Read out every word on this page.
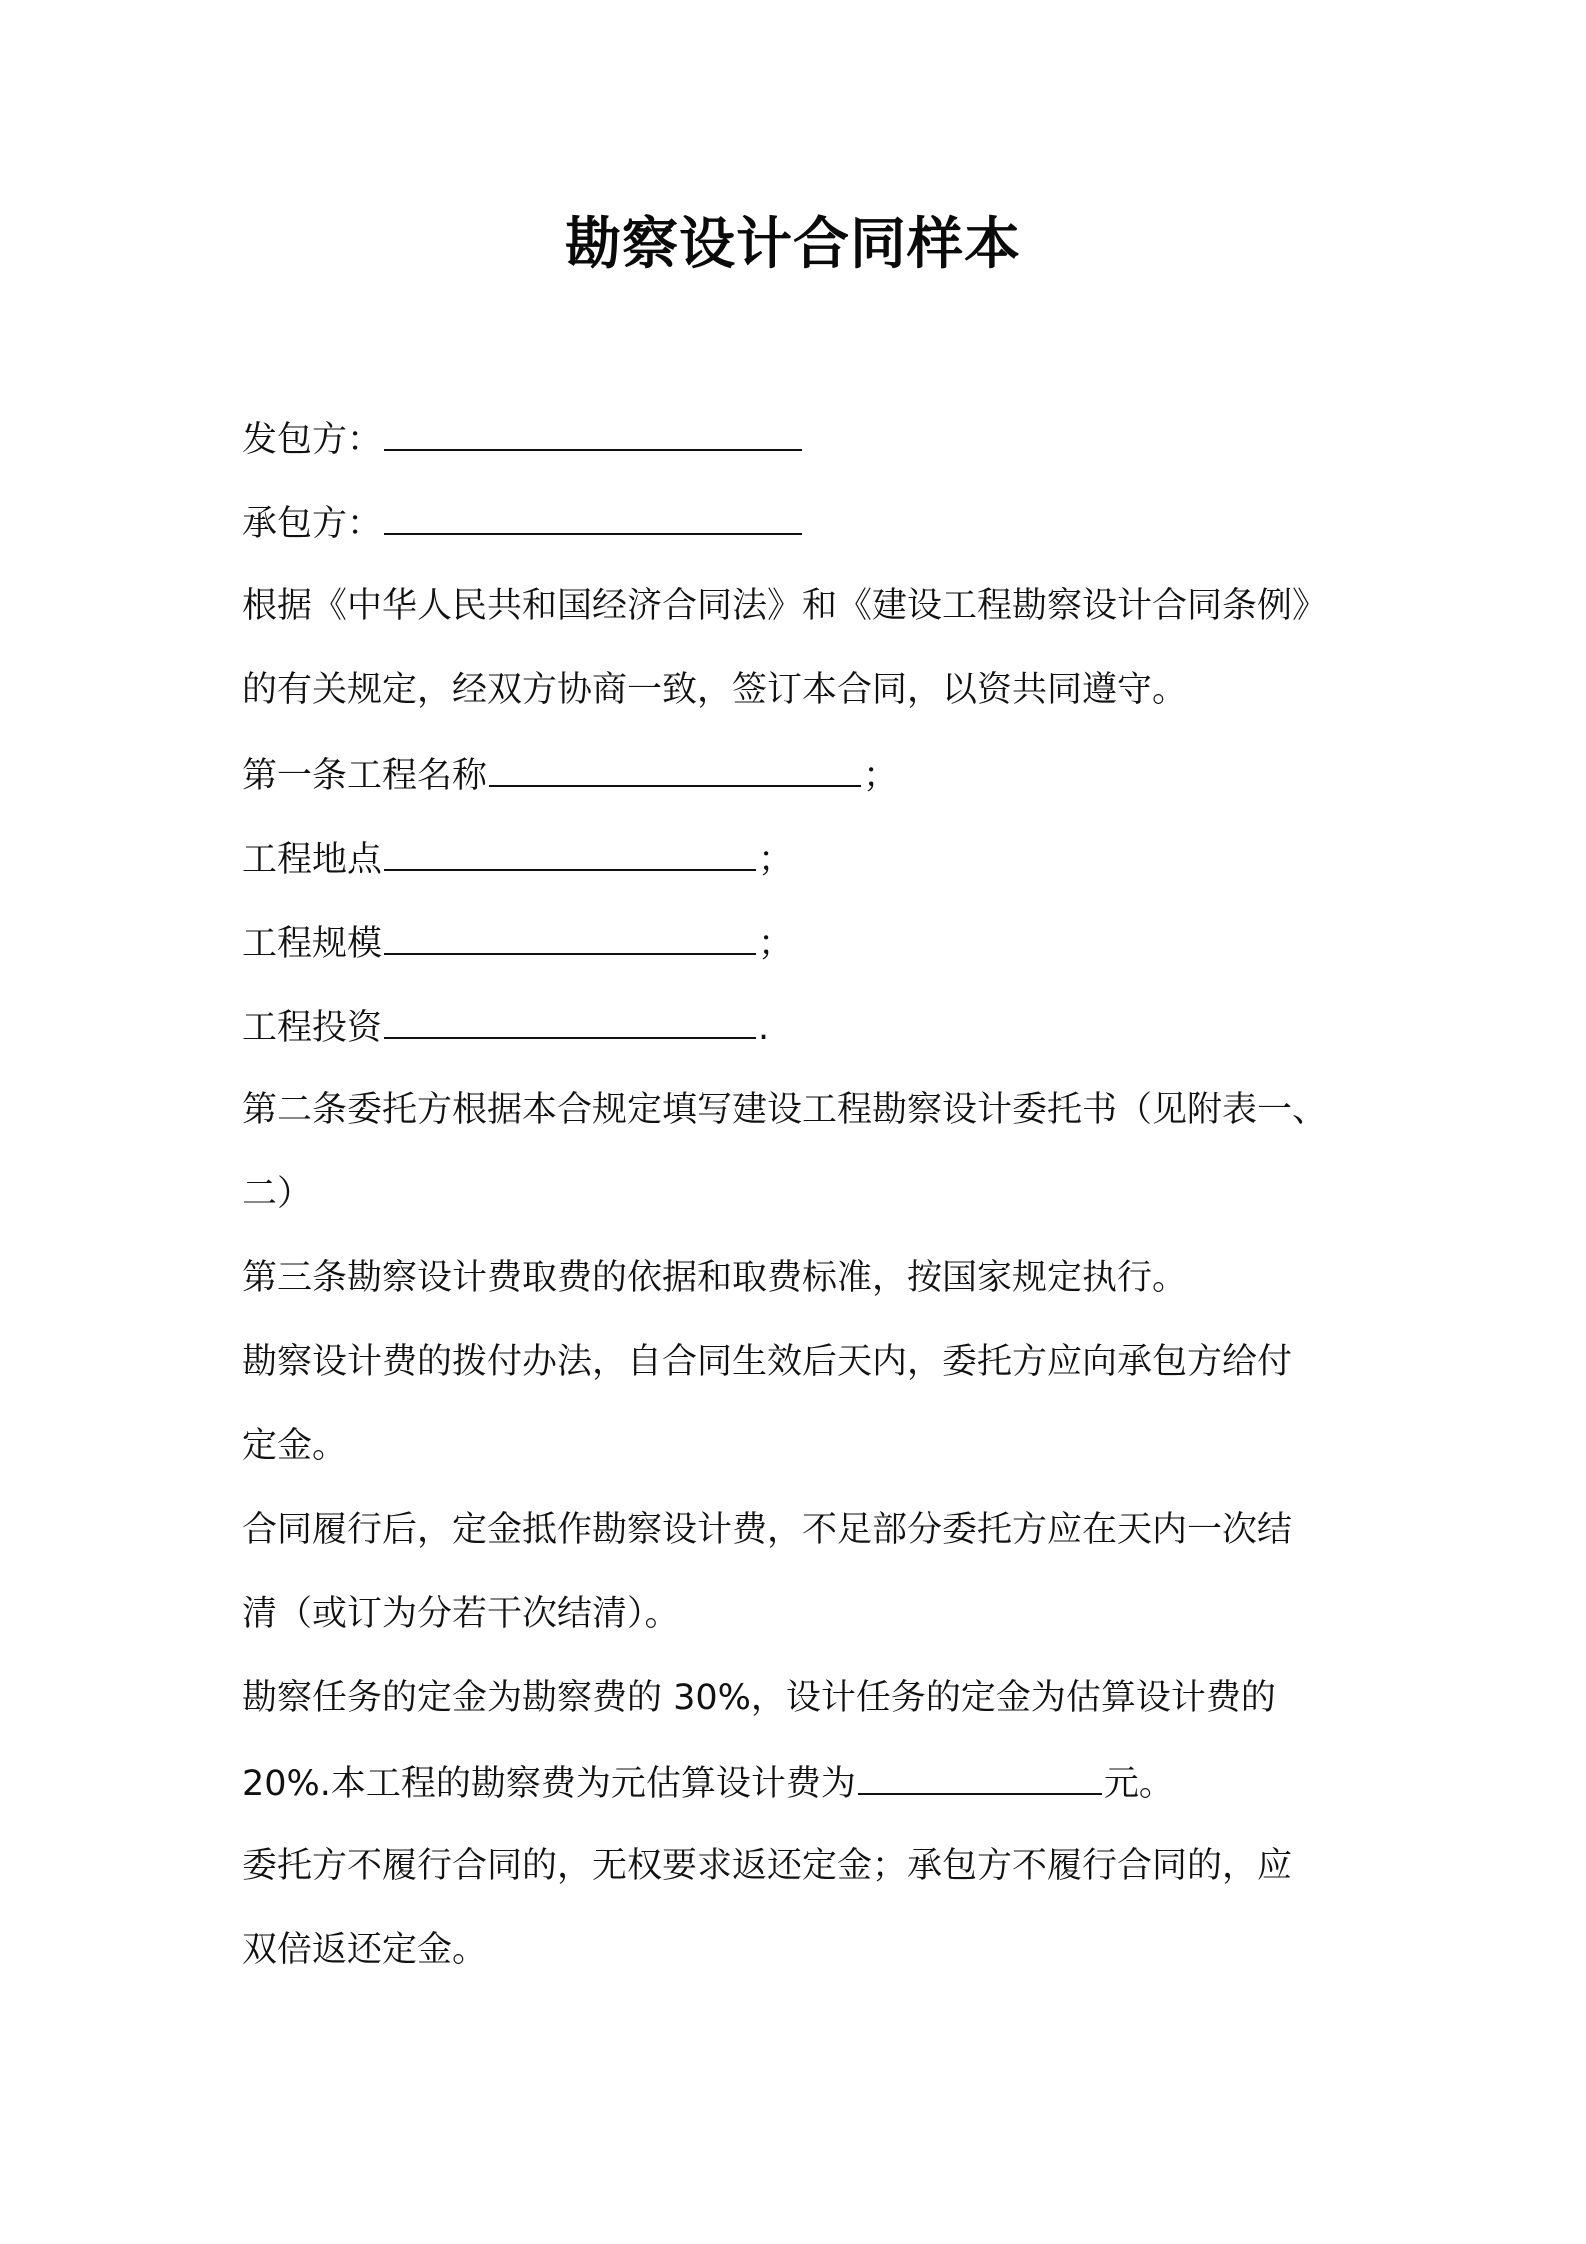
勘察设计合同样本
发包方：
承包方：
根据《中华人民共和国经济合同法》和《建设工程勘察设计合同条例》
的有关规定，经双方协商一致，签订本合同，以资共同遵守。
第一条工程名称	；
工程地点	；
工程规模	；
工程投资	.
第二条委托方根据本合规定填写建设工程勘察设计委托书（见附表一、
二）
第三条勘察设计费取费的依据和取费标准，按国家规定执行。
勘察设计费的拨付办法，自合同生效后天内，委托方应向承包方给付
定金。
合同履行后，定金抵作勘察设计费，不足部分委托方应在天内一次结
清（或订为分若干次结清）。
勘察任务的定金为勘察费的 30%，设计任务的定金为估算设计费的
20%.本工程的勘察费为元估算设计费为	元。
委托方不履行合同的，无权要求返还定金；承包方不履行合同的，应
双倍返还定金。
